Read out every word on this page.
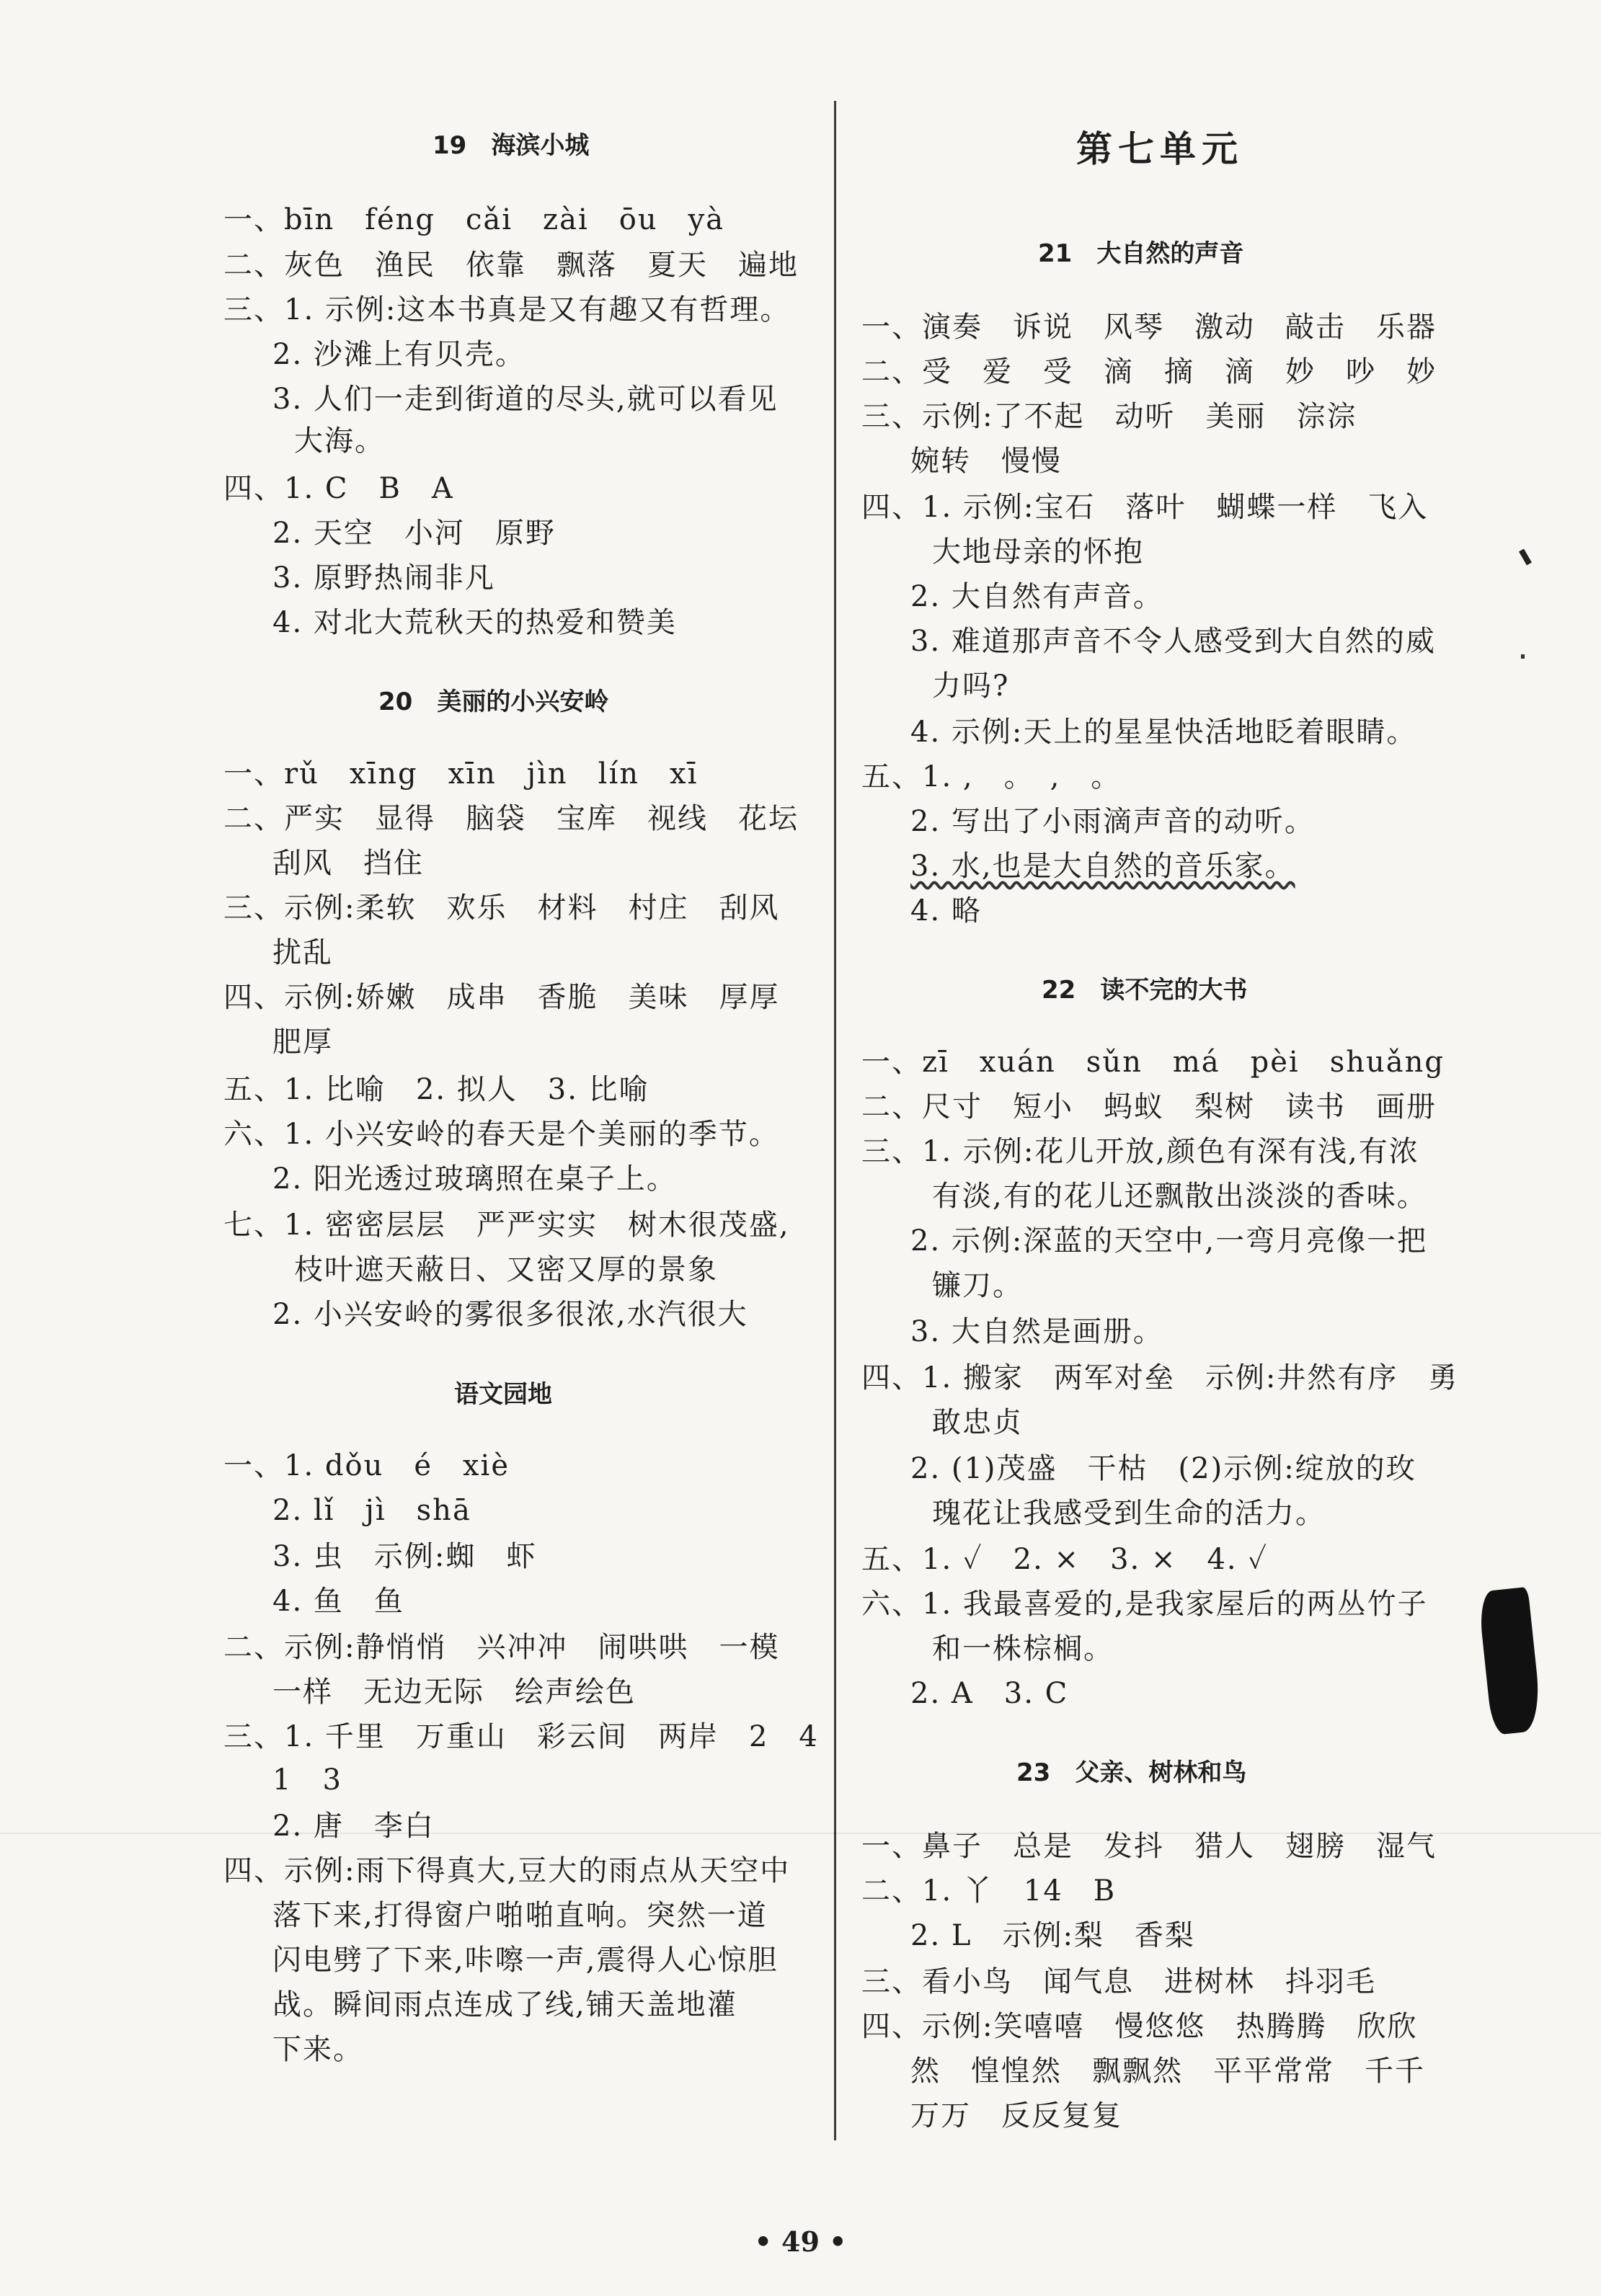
19　海滨小城
一、bīn　féng　cǎi　zài　ōu　yà
二、灰色　渔民　依靠　飘落　夏天　遍地
三、1. 示例:这本书真是又有趣又有哲理。
2. 沙滩上有贝壳。
3. 人们一走到街道的尽头,就可以看见
大海。
四、1. C　B　A
2. 天空　小河　原野
3. 原野热闹非凡
4. 对北大荒秋天的热爱和赞美
20　美丽的小兴安岭
一、rǔ　xīng　xīn　jìn　lín　xī
二、严实　显得　脑袋　宝库　视线　花坛
刮风　挡住
三、示例:柔软　欢乐　材料　村庄　刮风
扰乱
四、示例:娇嫩　成串　香脆　美味　厚厚
肥厚
五、1. 比喻　2. 拟人　3. 比喻
六、1. 小兴安岭的春天是个美丽的季节。
2. 阳光透过玻璃照在桌子上。
七、1. 密密层层　严严实实　树木很茂盛,
枝叶遮天蔽日、又密又厚的景象
2. 小兴安岭的雾很多很浓,水汽很大
语文园地
一、1. dǒu　é　xiè
2. lǐ　jì　shā
3. 虫　示例:蜘　虾
4. 鱼　鱼
二、示例:静悄悄　兴冲冲　闹哄哄　一模
一样　无边无际　绘声绘色
三、1. 千里　万重山　彩云间　两岸　2　4
1　3
2. 唐　李白
四、示例:雨下得真大,豆大的雨点从天空中
落下来,打得窗户啪啪直响。突然一道
闪电劈了下来,咔嚓一声,震得人心惊胆
战。瞬间雨点连成了线,铺天盖地灌
下来。
第七单元
21　大自然的声音
一、演奏　诉说　风琴　激动　敲击　乐器
二、受　爱　受　滴　摘　滴　妙　吵　妙
三、示例:了不起　动听　美丽　淙淙
婉转　慢慢
四、1. 示例:宝石　落叶　蝴蝶一样　飞入
大地母亲的怀抱
2. 大自然有声音。
3. 难道那声音不令人感受到大自然的威
力吗?
4. 示例:天上的星星快活地眨着眼睛。
五、1. ,　。　,　。
2. 写出了小雨滴声音的动听。
3. 水,也是大自然的音乐家。
4. 略
22　读不完的大书
一、zī　xuán　sǔn　má　pèi　shuǎng
二、尺寸　短小　蚂蚁　梨树　读书　画册
三、1. 示例:花儿开放,颜色有深有浅,有浓
有淡,有的花儿还飘散出淡淡的香味。
2. 示例:深蓝的天空中,一弯月亮像一把
镰刀。
3. 大自然是画册。
四、1. 搬家　两军对垒　示例:井然有序　勇
敢忠贞
2. (1)茂盛　干枯　(2)示例:绽放的玫
瑰花让我感受到生命的活力。
五、1. ✓　2. ×　3. ×　4. ✓
六、1. 我最喜爱的,是我家屋后的两丛竹子
和一株棕榈。
2. A　3. C
23　父亲、树林和鸟
一、鼻子　总是　发抖　猎人　翅膀　湿气
二、1. 丫　14　B
2. L　示例:梨　香梨
三、看小鸟　闻气息　进树林　抖羽毛
四、示例:笑嘻嘻　慢悠悠　热腾腾　欣欣
然　惶惶然　飘飘然　平平常常　千千
万万　反反复复
• 49 •
